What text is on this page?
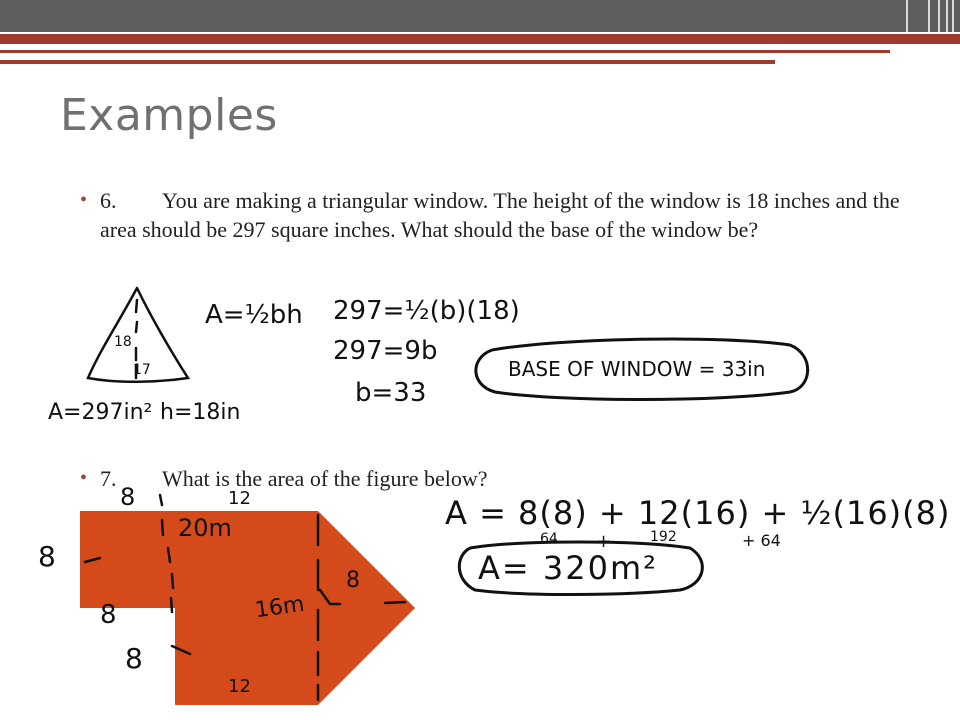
Examples
• 6. You are making a triangular window. The height of the window is 18 inches and the area should be 297 square inches. What should the base of the window be?
• 7. What is the area of the figure below?
18
17
A=½bh
A=297in² h=18in
297=½(b)(18)
297=9b
b=33
BASE OF WINDOW = 33in
8	12
8
8
8
20m
16m
12
8
A = 8(8) + 12(16) + ½(16)(8)
64 +	192	+ 64
A= 320m²
